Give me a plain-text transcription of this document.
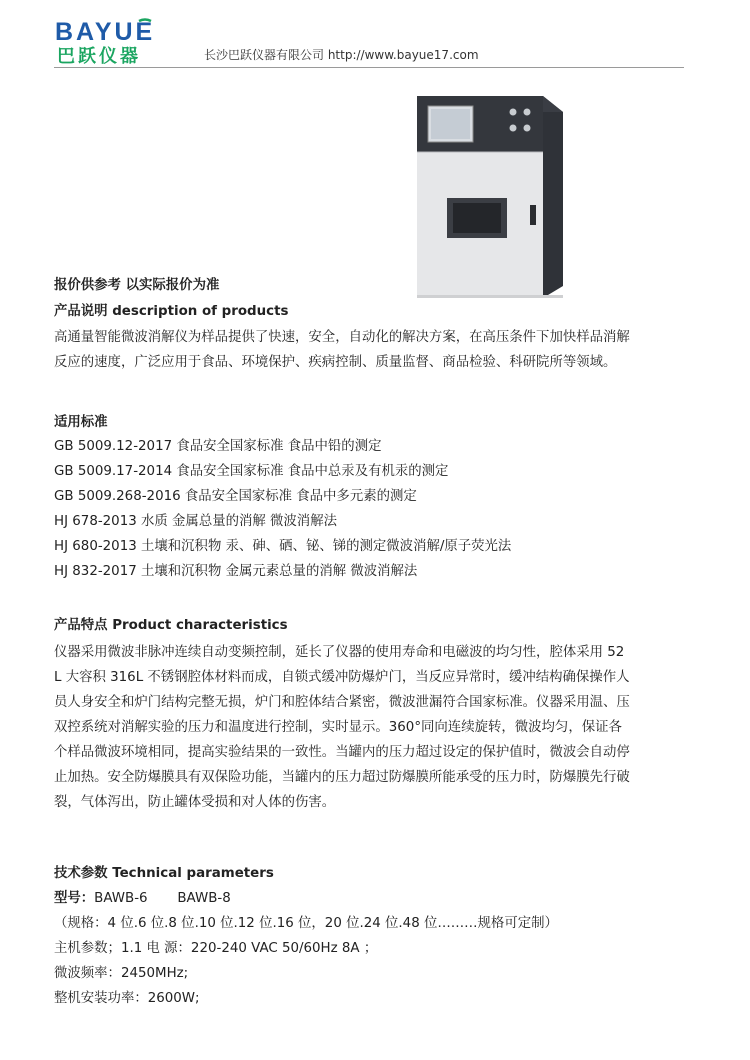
BAYUE
巴跃仪器	长沙巴跃仪器有限公司 http://www.bayue17.com
报价供参考 以实际报价为准
产品说明 description of products
高通量智能微波消解仪为样品提供了快速，安全，自动化的解决方案，在高压条件下加快样品消解
反应的速度，广泛应用于食品、环境保护、疾病控制、质量监督、商品检验、科研院所等领域。
适用标准
GB 5009.12-2017 食品安全国家标准 食品中铅的测定
GB 5009.17-2014 食品安全国家标准 食品中总汞及有机汞的测定
GB 5009.268-2016 食品安全国家标准 食品中多元素的测定
HJ 678-2013 水质 金属总量的消解 微波消解法
HJ 680-2013 土壤和沉积物 汞、砷、硒、铋、锑的测定微波消解/原子荧光法
HJ 832-2017 土壤和沉积物 金属元素总量的消解 微波消解法
产品特点 Product characteristics
仪器采用微波非脉冲连续自动变频控制，延长了仪器的使用寿命和电磁波的均匀性，腔体采用 52
L 大容积 316L 不锈钢腔体材料而成，自锁式缓冲防爆炉门，当反应异常时，缓冲结构确保操作人
员人身安全和炉门结构完整无损，炉门和腔体结合紧密，微波泄漏符合国家标准。仪器采用温、压
双控系统对消解实验的压力和温度进行控制，实时显示。360°同向连续旋转，微波均匀，保证各
个样品微波环境相同，提高实验结果的一致性。当罐内的压力超过设定的保护值时，微波会自动停
止加热。安全防爆膜具有双保险功能，当罐内的压力超过防爆膜所能承受的压力时，防爆膜先行破
裂，气体泻出，防止罐体受损和对人体的伤害。
技术参数 Technical parameters
型号：BAWB-6       BAWB-8
（规格：4 位.6 位.8 位.10 位.12 位.16 位，20 位.24 位.48 位………规格可定制）
主机参数；1.1 电 源：220-240 VAC 50/60Hz 8A ；
微波频率：2450MHz;
整机安装功率：2600W;
